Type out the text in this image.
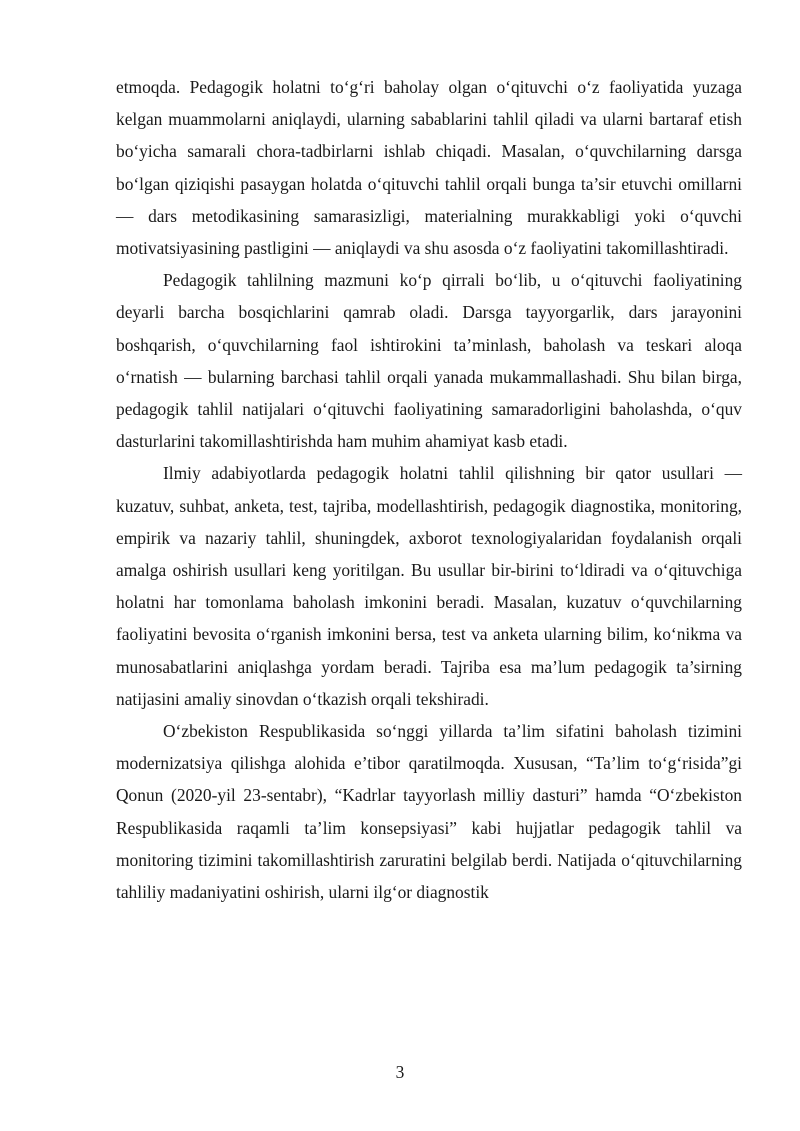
etmoqda. Pedagogik holatni to‘g‘ri baholay olgan o‘qituvchi o‘z faoliyatida yuzaga kelgan muammolarni aniqlaydi, ularning sabablarini tahlil qiladi va ularni bartaraf etish bo‘yicha samarali chora-tadbirlarni ishlab chiqadi. Masalan, o‘quvchilarning darsga bo‘lgan qiziqishi pasaygan holatda o‘qituvchi tahlil orqali bunga ta’sir etuvchi omillarni — dars metodikasining samarasizligi, materialning murakkabligi yoki o‘quvchi motivatsiyasining pastligini — aniqlaydi va shu asosda o‘z faoliyatini takomillashtiradi.

Pedagogik tahlilning mazmuni ko‘p qirrali bo‘lib, u o‘qituvchi faoliyatining deyarli barcha bosqichlarini qamrab oladi. Darsga tayyorgarlik, dars jarayonini boshqarish, o‘quvchilarning faol ishtirokini ta’minlash, baholash va teskari aloqa o‘rnatish — bularning barchasi tahlil orqali yanada mukammallashadi. Shu bilan birga, pedagogik tahlil natijalari o‘qituvchi faoliyatining samaradorligini baholashda, o‘quv dasturlarini takomillashtirishda ham muhim ahamiyat kasb etadi.

Ilmiy adabiyotlarda pedagogik holatni tahlil qilishning bir qator usullari — kuzatuv, suhbat, anketa, test, tajriba, modellashtirish, pedagogik diagnostika, monitoring, empirik va nazariy tahlil, shuningdek, axborot texnologiyalaridan foydalanish orqali amalga oshirish usullari keng yoritilgan. Bu usullar bir-birini to‘ldiradi va o‘qituvchiga holatni har tomonlama baholash imkonini beradi. Masalan, kuzatuv o‘quvchilarning faoliyatini bevosita o‘rganish imkonini bersa, test va anketa ularning bilim, ko‘nikma va munosabatlarini aniqlashga yordam beradi. Tajriba esa ma’lum pedagogik ta’sirning natijasini amaliy sinovdan o‘tkazish orqali tekshiradi.

O‘zbekiston Respublikasida so‘nggi yillarda ta’lim sifatini baholash tizimini modernizatsiya qilishga alohida e’tibor qaratilmoqda. Xususan, “Ta’lim to‘g‘risida”gi Qonun (2020-yil 23-sentabr), “Kadrlar tayyorlash milliy dasturi” hamda “O‘zbekiston Respublikasida raqamli ta’lim konsepsiyasi” kabi hujjatlar pedagogik tahlil va monitoring tizimini takomillashtirish zaruratini belgilab berdi. Natijada o‘qituvchilarning tahliliy madaniyatini oshirish, ularni ilg‘or diagnostik

3
